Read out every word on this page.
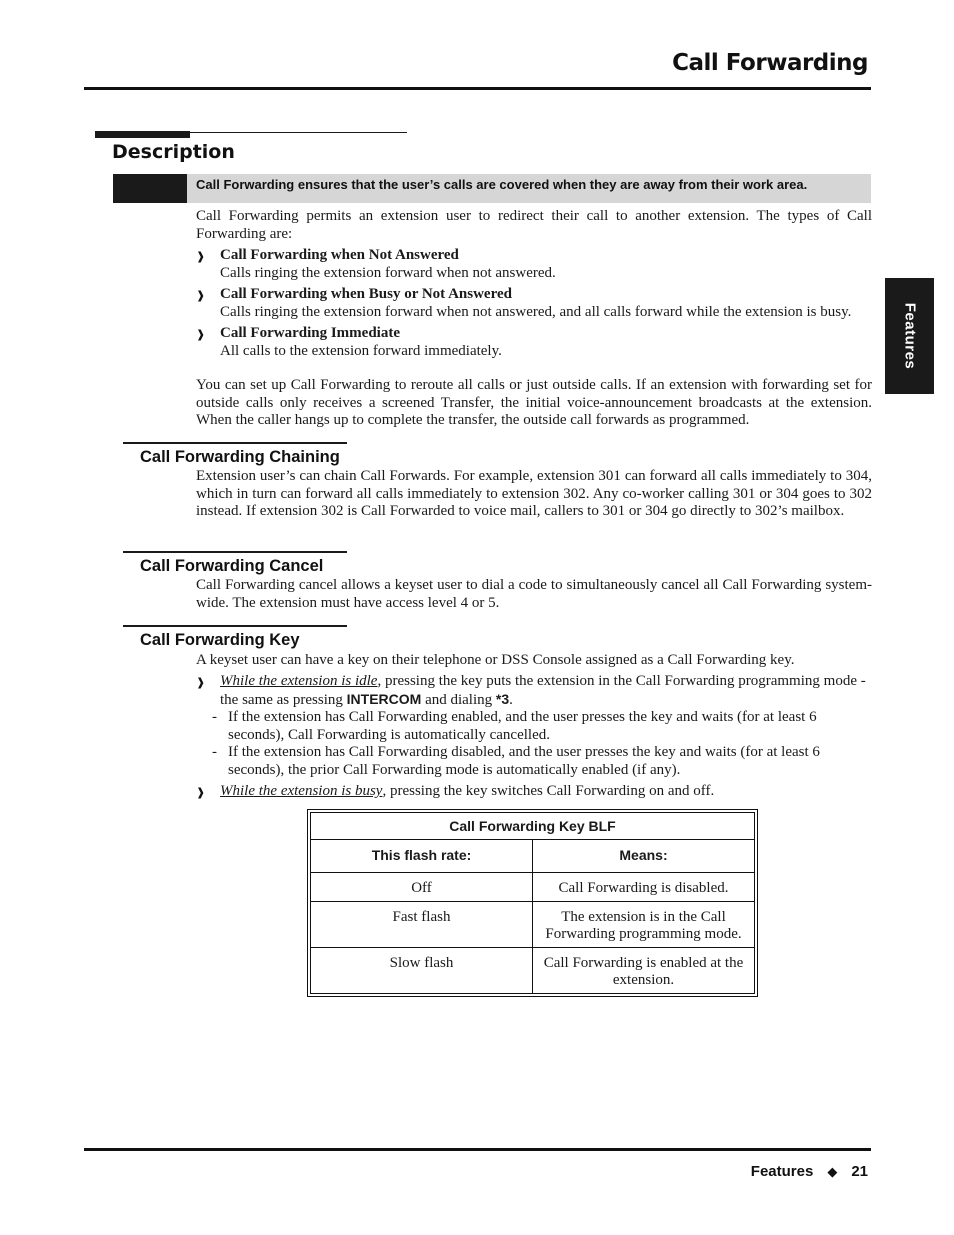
Call Forwarding
Features
Description
Call Forwarding ensures that the user’s calls are covered when they are away from their work area.
Call Forwarding permits an extension user to redirect their call to another extension. The types of Call Forwarding are:
❱ Call Forwarding when Not Answered
Calls ringing the extension forward when not answered.
❱ Call Forwarding when Busy or Not Answered
Calls ringing the extension forward when not answered, and all calls forward while the extension is busy.
❱ Call Forwarding Immediate
All calls to the extension forward immediately.
You can set up Call Forwarding to reroute all calls or just outside calls. If an extension with forwarding set for outside calls only receives a screened Transfer, the initial voice-announcement broadcasts at the extension. When the caller hangs up to complete the transfer, the outside call forwards as programmed.
Call Forwarding Chaining
Extension user’s can chain Call Forwards. For example, extension 301 can forward all calls immediately to 304, which in turn can forward all calls immediately to extension 302. Any co-worker calling 301 or 304 goes to 302 instead. If extension 302 is Call Forwarded to voice mail, callers to 301 or 304 go directly to 302’s mailbox.
Call Forwarding Cancel
Call Forwarding cancel allows a keyset user to dial a code to simultaneously cancel all Call Forwarding system-wide. The extension must have access level 4 or 5.
Call Forwarding Key
A keyset user can have a key on their telephone or DSS Console assigned as a Call Forwarding key.
❱ While the extension is idle, pressing the key puts the extension in the Call Forwarding programming mode - the same as pressing INTERCOM and dialing *3.
- If the extension has Call Forwarding enabled, and the user presses the key and waits (for at least 6 seconds), Call Forwarding is automatically cancelled.
- If the extension has Call Forwarding disabled, and the user presses the key and waits (for at least 6 seconds), the prior Call Forwarding mode is automatically enabled (if any).
❱ While the extension is busy, pressing the key switches Call Forwarding on and off.
Call Forwarding Key BLF	
This flash rate:	Means:
Off	Call Forwarding is disabled.
Fast flash	The extension is in the Call Forwarding programming mode.
Slow flash	Call Forwarding is enabled at the extension.
Features ◆ 21
